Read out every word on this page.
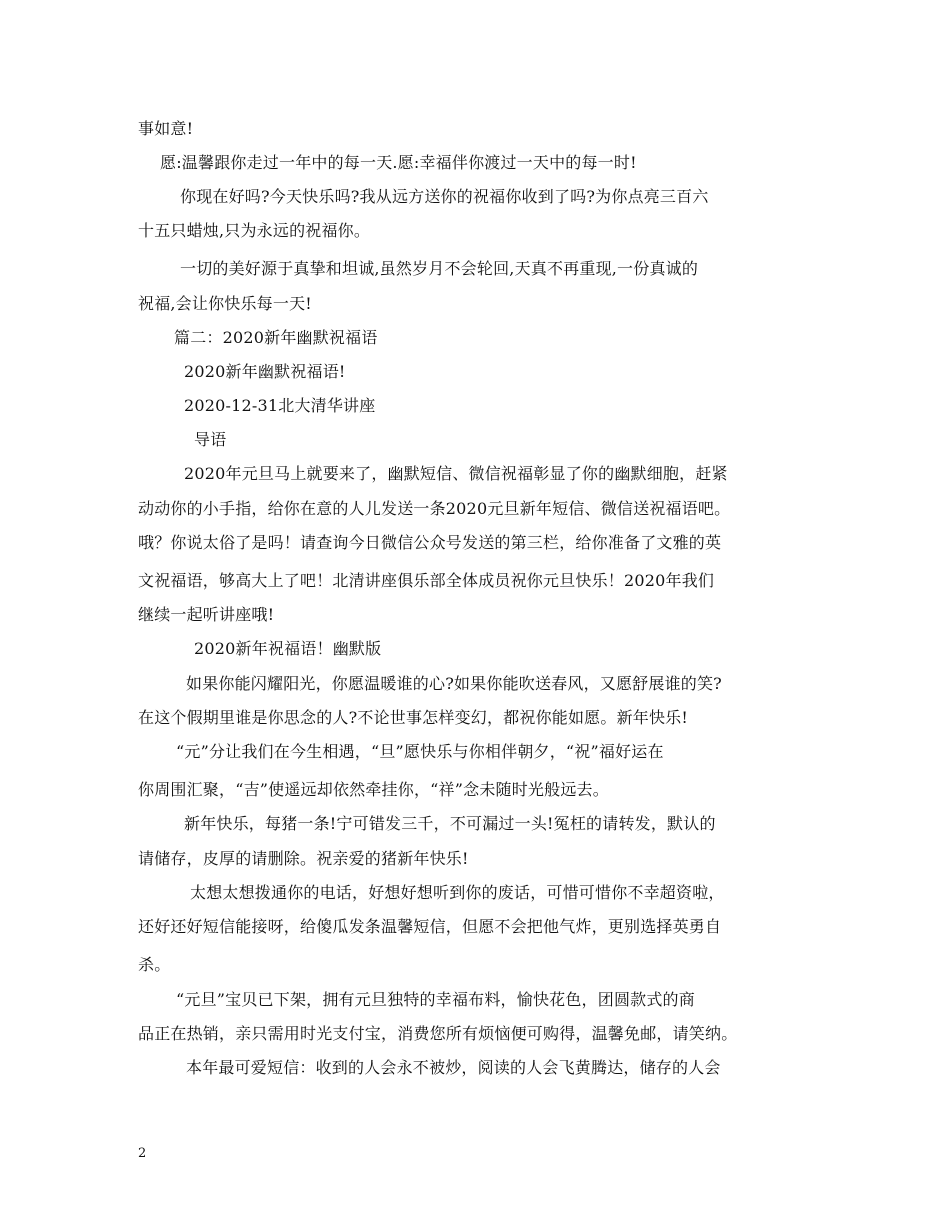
事如意!
愿:温馨跟你走过一年中的每一天.愿:幸福伴你渡过一天中的每一时!
你现在好吗?今天快乐吗?我从远方送你的祝福你收到了吗?为你点亮三百六
十五只蜡烛,只为永远的祝福你。
一切的美好源于真挚和坦诚,虽然岁月不会轮回,天真不再重现,一份真诚的
祝福,会让你快乐每一天!
篇二：2020新年幽默祝福语
2020新年幽默祝福语!
2020-12-31北大清华讲座
导语
2020年元旦马上就要来了，幽默短信、微信祝福彰显了你的幽默细胞，赶紧
动动你的小手指，给你在意的人儿发送一条2020元旦新年短信、微信送祝福语吧。
哦？你说太俗了是吗！请查询今日微信公众号发送的第三栏，给你准备了文雅的英
文祝福语，够高大上了吧！北清讲座俱乐部全体成员祝你元旦快乐！2020年我们
继续一起听讲座哦!
2020新年祝福语！幽默版
如果你能闪耀阳光，你愿温暖谁的心?如果你能吹送春风，又愿舒展谁的笑?
在这个假期里谁是你思念的人?不论世事怎样变幻，都祝你能如愿。新年快乐!
“元”分让我们在今生相遇，“旦”愿快乐与你相伴朝夕，“祝”福好运在
你周围汇聚，“吉”使遥远却依然牵挂你，“祥”念未随时光般远去。
新年快乐，每猪一条!宁可错发三千，不可漏过一头!冤枉的请转发，默认的
请储存，皮厚的请删除。祝亲爱的猪新年快乐!
太想太想拨通你的电话，好想好想听到你的废话，可惜可惜你不幸超资啦，
还好还好短信能接呀，给傻瓜发条温馨短信，但愿不会把他气炸，更别选择英勇自
杀。
“元旦”宝贝已下架，拥有元旦独特的幸福布料，愉快花色，团圆款式的商
品正在热销，亲只需用时光支付宝，消费您所有烦恼便可购得，温馨免邮，请笑纳。
本年最可爱短信：收到的人会永不被炒，阅读的人会飞黄腾达，储存的人会
2
